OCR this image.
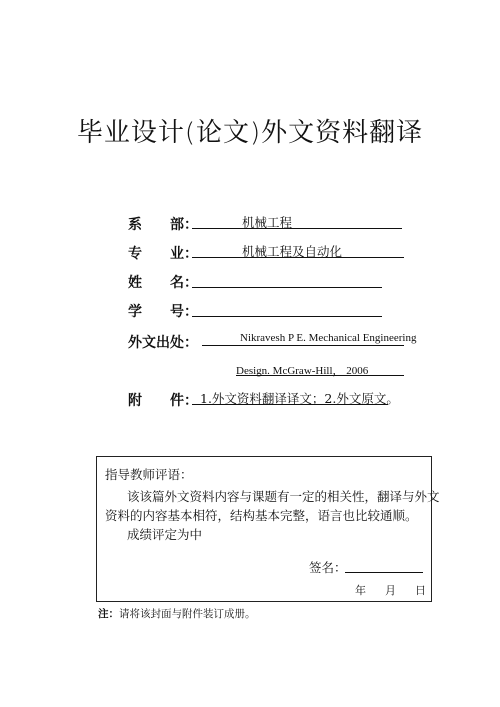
毕业设计(论文)外文资料翻译
系　　部：	机械工程
专　　业：	机械工程及自动化
姓　　名：
学　　号：
外文出处：	Nikravesh P E. Mechanical Engineering
Design. McGraw-Hill， 2006
附　　件： 1.外文资料翻译译文；2.外文原文。
指导教师评语：
该该篇外文资料内容与课题有一定的相关性，翻译与外文
资料的内容基本相符，结构基本完整，语言也比较通顺。
成绩评定为中
签名：
年 月 日
注：请将该封面与附件装订成册。
